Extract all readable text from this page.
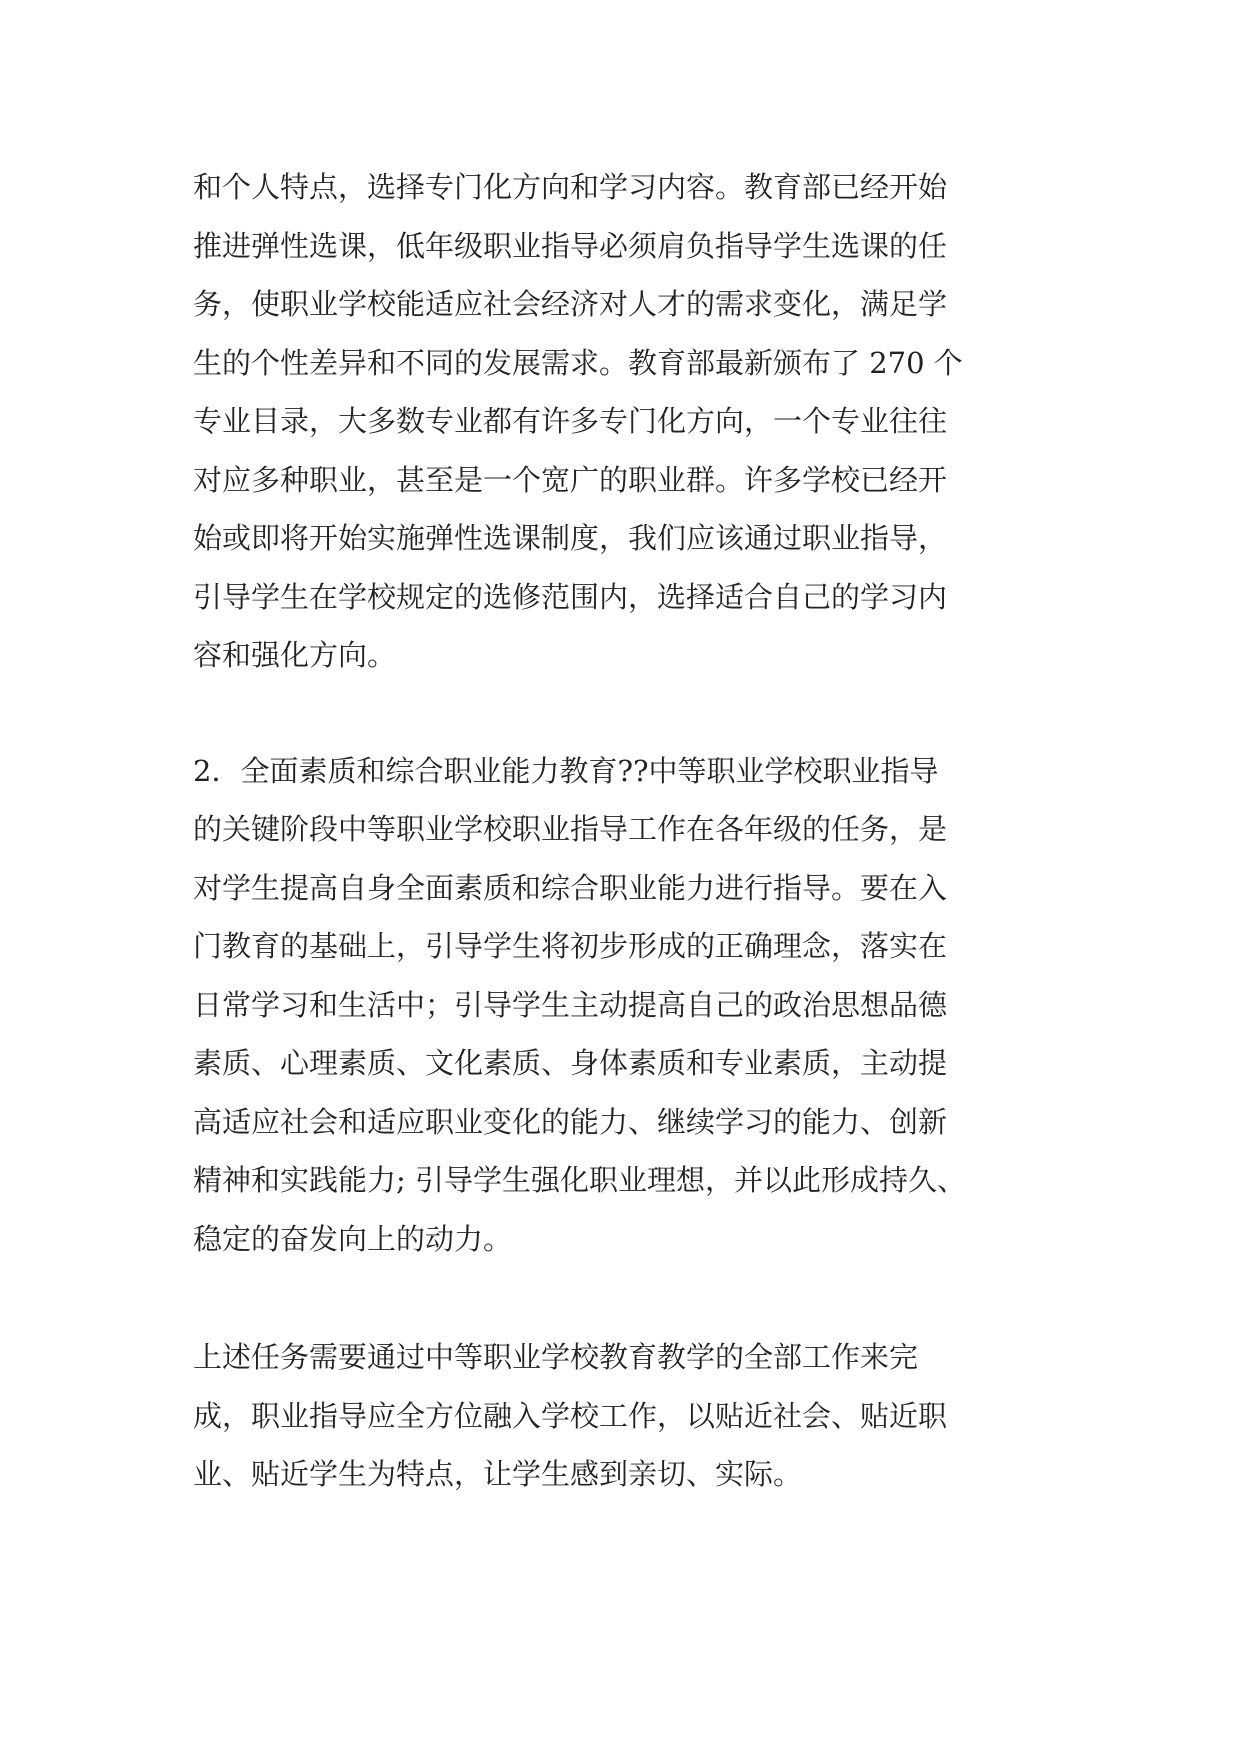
和个人特点，选择专门化方向和学习内容。教育部已经开始
推进弹性选课，低年级职业指导必须肩负指导学生选课的任
务，使职业学校能适应社会经济对人才的需求变化，满足学
生的个性差异和不同的发展需求。教育部最新颁布了 270 个
专业目录，大多数专业都有许多专门化方向，一个专业往往
对应多种职业，甚至是一个宽广的职业群。许多学校已经开
始或即将开始实施弹性选课制度，我们应该通过职业指导，
引导学生在学校规定的选修范围内，选择适合自己的学习内
容和强化方向。

2．全面素质和综合职业能力教育??中等职业学校职业指导
的关键阶段中等职业学校职业指导工作在各年级的任务，是
对学生提高自身全面素质和综合职业能力进行指导。要在入
门教育的基础上，引导学生将初步形成的正确理念，落实在
日常学习和生活中；引导学生主动提高自己的政治思想品德
素质、心理素质、文化素质、身体素质和专业素质，主动提
高适应社会和适应职业变化的能力、继续学习的能力、创新
精神和实践能力; 引导学生强化职业理想，并以此形成持久、
稳定的奋发向上的动力。

上述任务需要通过中等职业学校教育教学的全部工作来完
成，职业指导应全方位融入学校工作，以贴近社会、贴近职
业、贴近学生为特点，让学生感到亲切、实际。
